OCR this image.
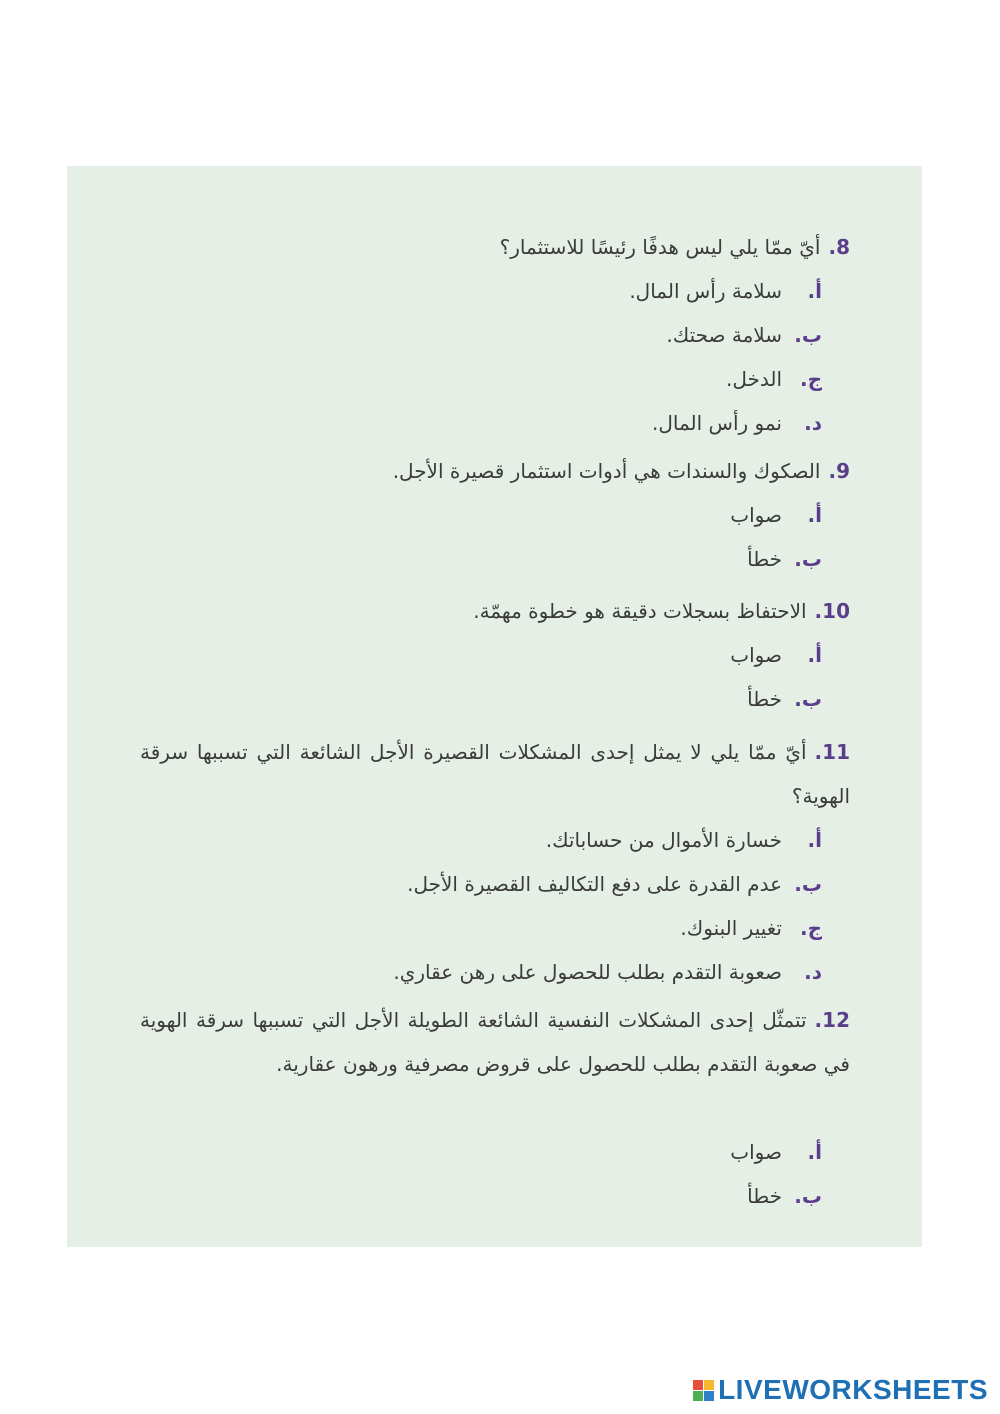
8.أيّ ممّا يلي ليس هدفًا رئيسًا للاستثمار؟
أ.سلامة رأس المال.
ب.سلامة صحتك.
ج.الدخل.
د.نمو رأس المال.
9.الصكوك والسندات هي أدوات استثمار قصيرة الأجل.
أ.صواب
ب.خطأ
10.الاحتفاظ بسجلات دقيقة هو خطوة مهمّة.
أ.صواب
ب.خطأ
11.أيّ ممّا يلي لا يمثل إحدى المشكلات القصيرة الأجل الشائعة التي تسببها سرقة الهوية؟
أ.خسارة الأموال من حساباتك.
ب.عدم القدرة على دفع التكاليف القصيرة الأجل.
ج.تغيير البنوك.
د.صعوبة التقدم بطلب للحصول على رهن عقاري.
12.تتمثّل إحدى المشكلات النفسية الشائعة الطويلة الأجل التي تسببها سرقة الهوية في صعوبة التقدم بطلب للحصول على قروض مصرفية ورهون عقارية.
أ.صواب
ب.خطأ
LIVEWORKSHEETS
